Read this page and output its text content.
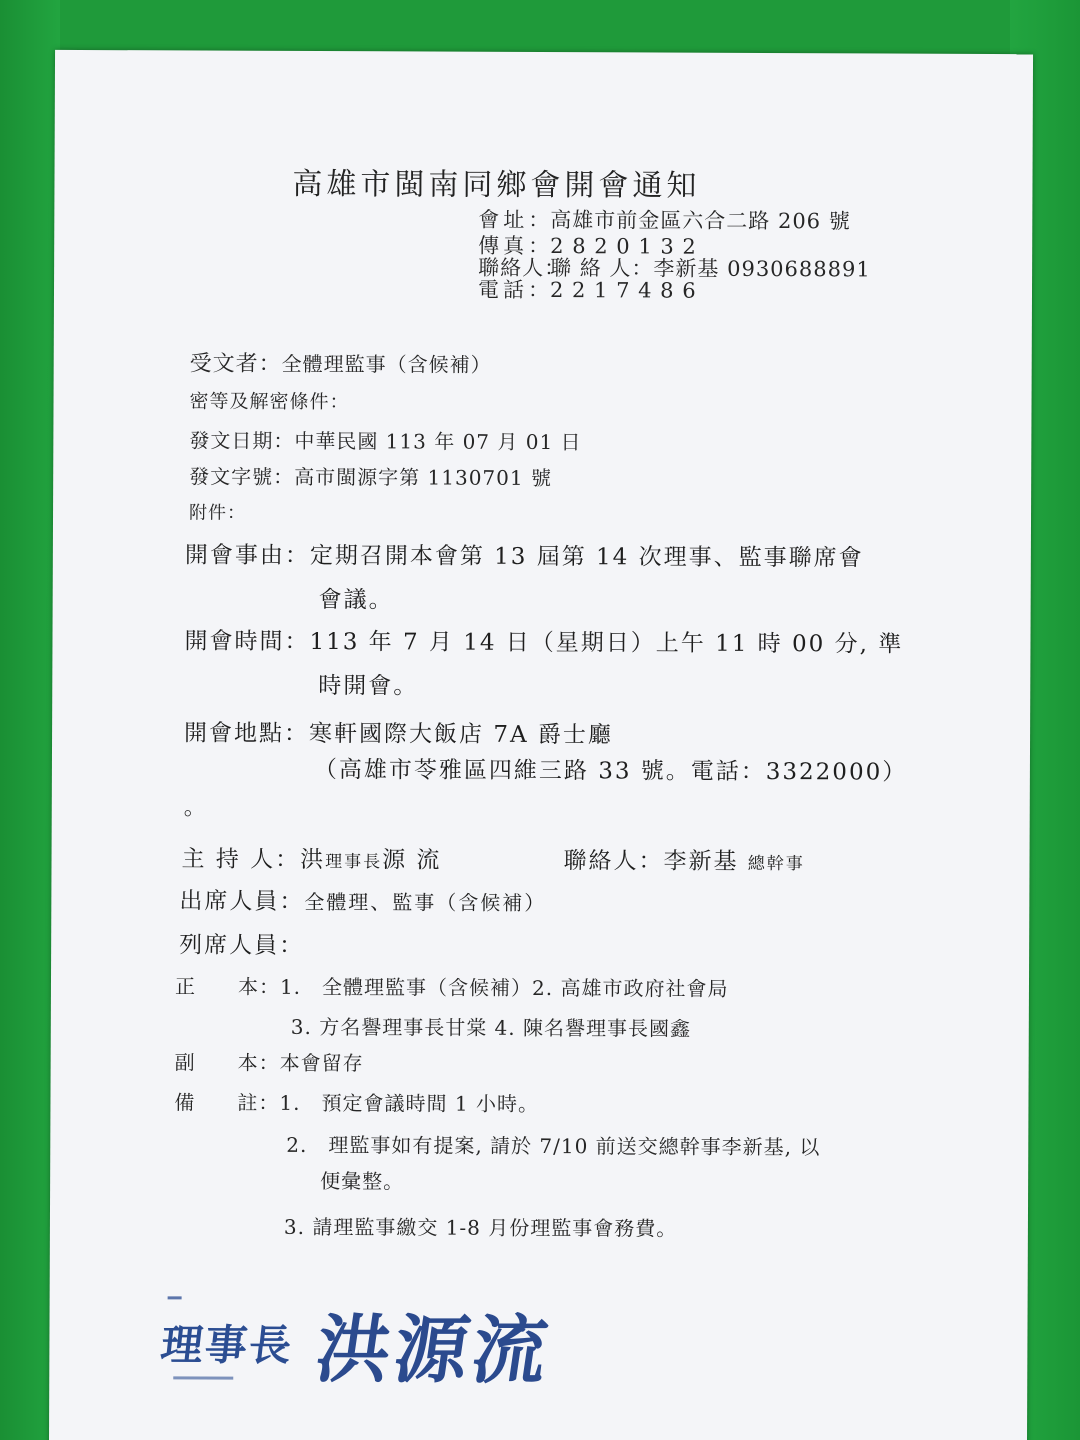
高雄市閩南同鄉會開會通知
會址：高雄市前金區六合二路 206 號
傳真：2 8 2 0 1 3 2
聯絡人：聯 絡 人：李新基 0930688891
電話：2 2 1 7 4 8 6
受文者：全體理監事（含候補）
密等及解密條件：
發文日期：中華民國 113 年 07 月 01 日
發文字號：高市閩源字第 1130701 號
附件：
開會事由：定期召開本會第 13 屆第 14 次理事、監事聯席會
會議。
開會時間：113 年 7 月 14 日（星期日）上午 11 時 00 分, 準
時開會。
開會地點：寒軒國際大飯店 7A 爵士廳
（高雄市苓雅區四維三路 33 號。電話：3322000）
。
主 持 人：洪理事長源 流	聯絡人：李新基 總幹事
出席人員：全體理、監事（含候補）
列席人員：
正　　本：1.　全體理監事（含候補）2. 高雄市政府社會局
3. 方名譽理事長甘棠 4. 陳名譽理事長國鑫
副　　本：本會留存
備　　註：1.　預定會議時間 1 小時。
2.　理監事如有提案, 請於 7/10 前送交總幹事李新基, 以
便彙整。
3. 請理監事繳交 1-8 月份理監事會務費。
理事長 洪源流
